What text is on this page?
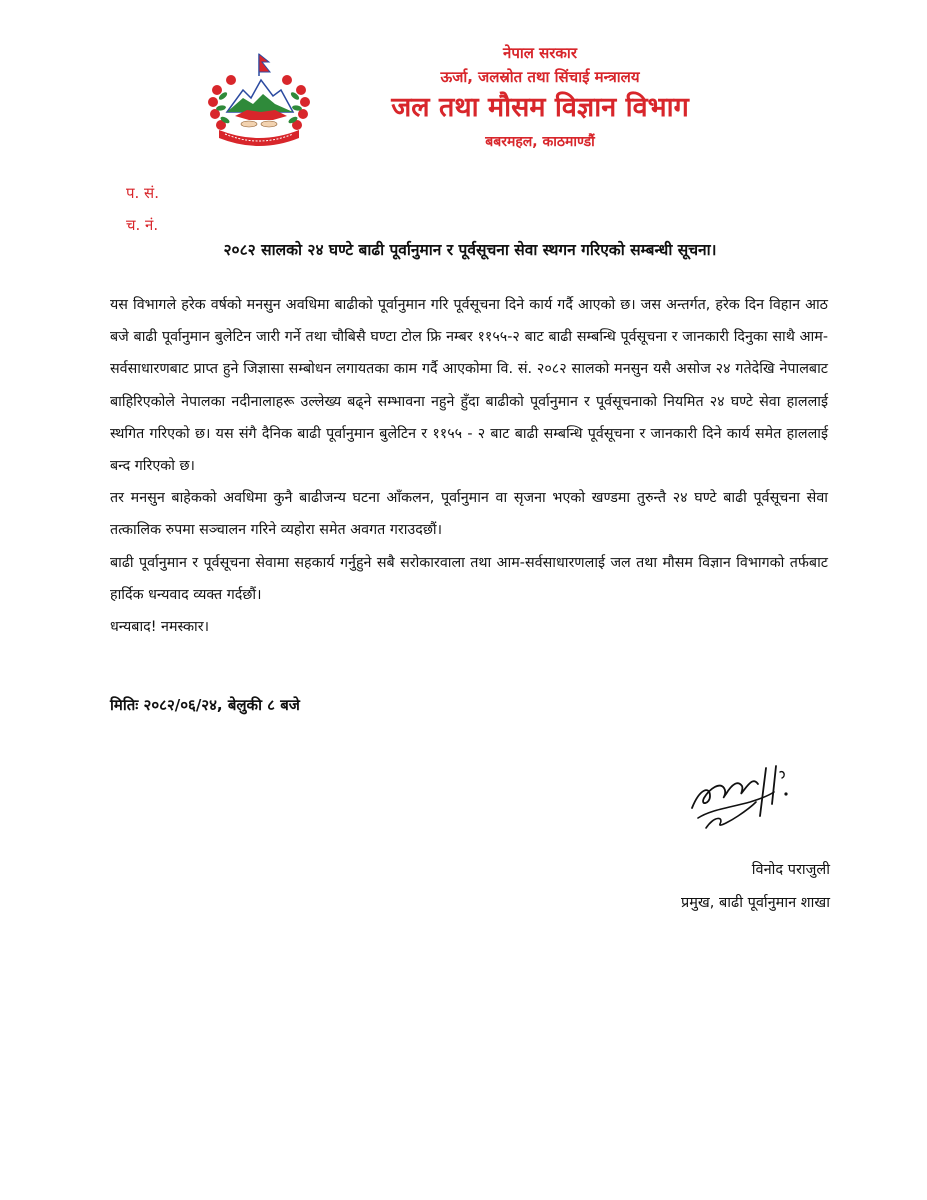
नेपाल सरकार
ऊर्जा, जलस्रोत तथा सिंचाई मन्त्रालय
जल तथा मौसम विज्ञान विभाग
बबरमहल, काठमाण्डौं
प. सं.
च. नं.
२०८२ सालको २४ घण्टे बाढी पूर्वानुमान र पूर्वसूचना सेवा स्थगन गरिएको सम्बन्धी सूचना।

यस विभागले हरेक वर्षको मनसुन अवधिमा बाढीको पूर्वानुमान गरि पूर्वसूचना दिने कार्य गर्दै आएको छ। जस अन्तर्गत, हरेक दिन विहान आठ बजे बाढी पूर्वानुमान बुलेटिन जारी गर्ने तथा चौबिसै घण्टा टोल फ्रि नम्बर ११५५-२ बाट बाढी सम्बन्धि पूर्वसूचना र जानकारी दिनुका साथै आम-सर्वसाधारणबाट प्राप्त हुने जिज्ञासा सम्बोधन लगायतका काम गर्दै आएकोमा वि. सं. २०८२ सालको मनसुन यसै असोज २४ गतेदेखि नेपालबाट बाहिरिएकोले नेपालका नदीनालाहरू उल्लेख्य बढ्ने सम्भावना नहुने हुँदा बाढीको पूर्वानुमान र पूर्वसूचनाको नियमित २४ घण्टे सेवा हाललाई स्थगित गरिएको छ। यस संगै दैनिक बाढी पूर्वानुमान बुलेटिन र ११५५ - २ बाट बाढी सम्बन्धि पूर्वसूचना र जानकारी दिने कार्य समेत हाललाई बन्द गरिएको छ।

तर मनसुन बाहेकको अवधिमा कुनै बाढीजन्य घटना आँकलन, पूर्वानुमान वा सृजना भएको खण्डमा तुरुन्तै २४ घण्टे बाढी पूर्वसूचना सेवा तत्कालिक रुपमा सञ्चालन गरिने व्यहोरा समेत अवगत गराउदछौं।

बाढी पूर्वानुमान र पूर्वसूचना सेवामा सहकार्य गर्नुहुने सबै सरोकारवाला तथा आम-सर्वसाधारणलाई जल तथा मौसम विज्ञान विभागको तर्फबाट हार्दिक धन्यवाद व्यक्त गर्दछौं।

धन्यबाद! नमस्कार।

मितिः २०८२/०६/२४, बेलुकी ८ बजे
विनोद पराजुली
प्रमुख, बाढी पूर्वानुमान शाखा
